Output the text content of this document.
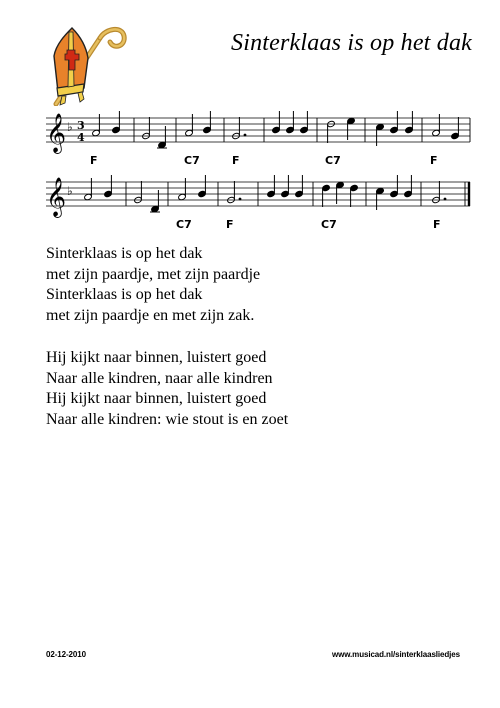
Sinterklaas is op het dak
𝄞 ♭ 3
4
F	C7	F	C7	F
𝄞 ♭
C7	F	C7	F
Sinterklaas is op het dak
met zijn paardje, met zijn paardje
Sinterklaas is op het dak
met zijn paardje en met zijn zak.
Hij kijkt naar binnen, luistert goed
Naar alle kindren, naar alle kindren
Hij kijkt naar binnen, luistert goed
Naar alle kindren: wie stout is en zoet
02-12-2010	www.musicad.nl/sinterklaasliedjes
